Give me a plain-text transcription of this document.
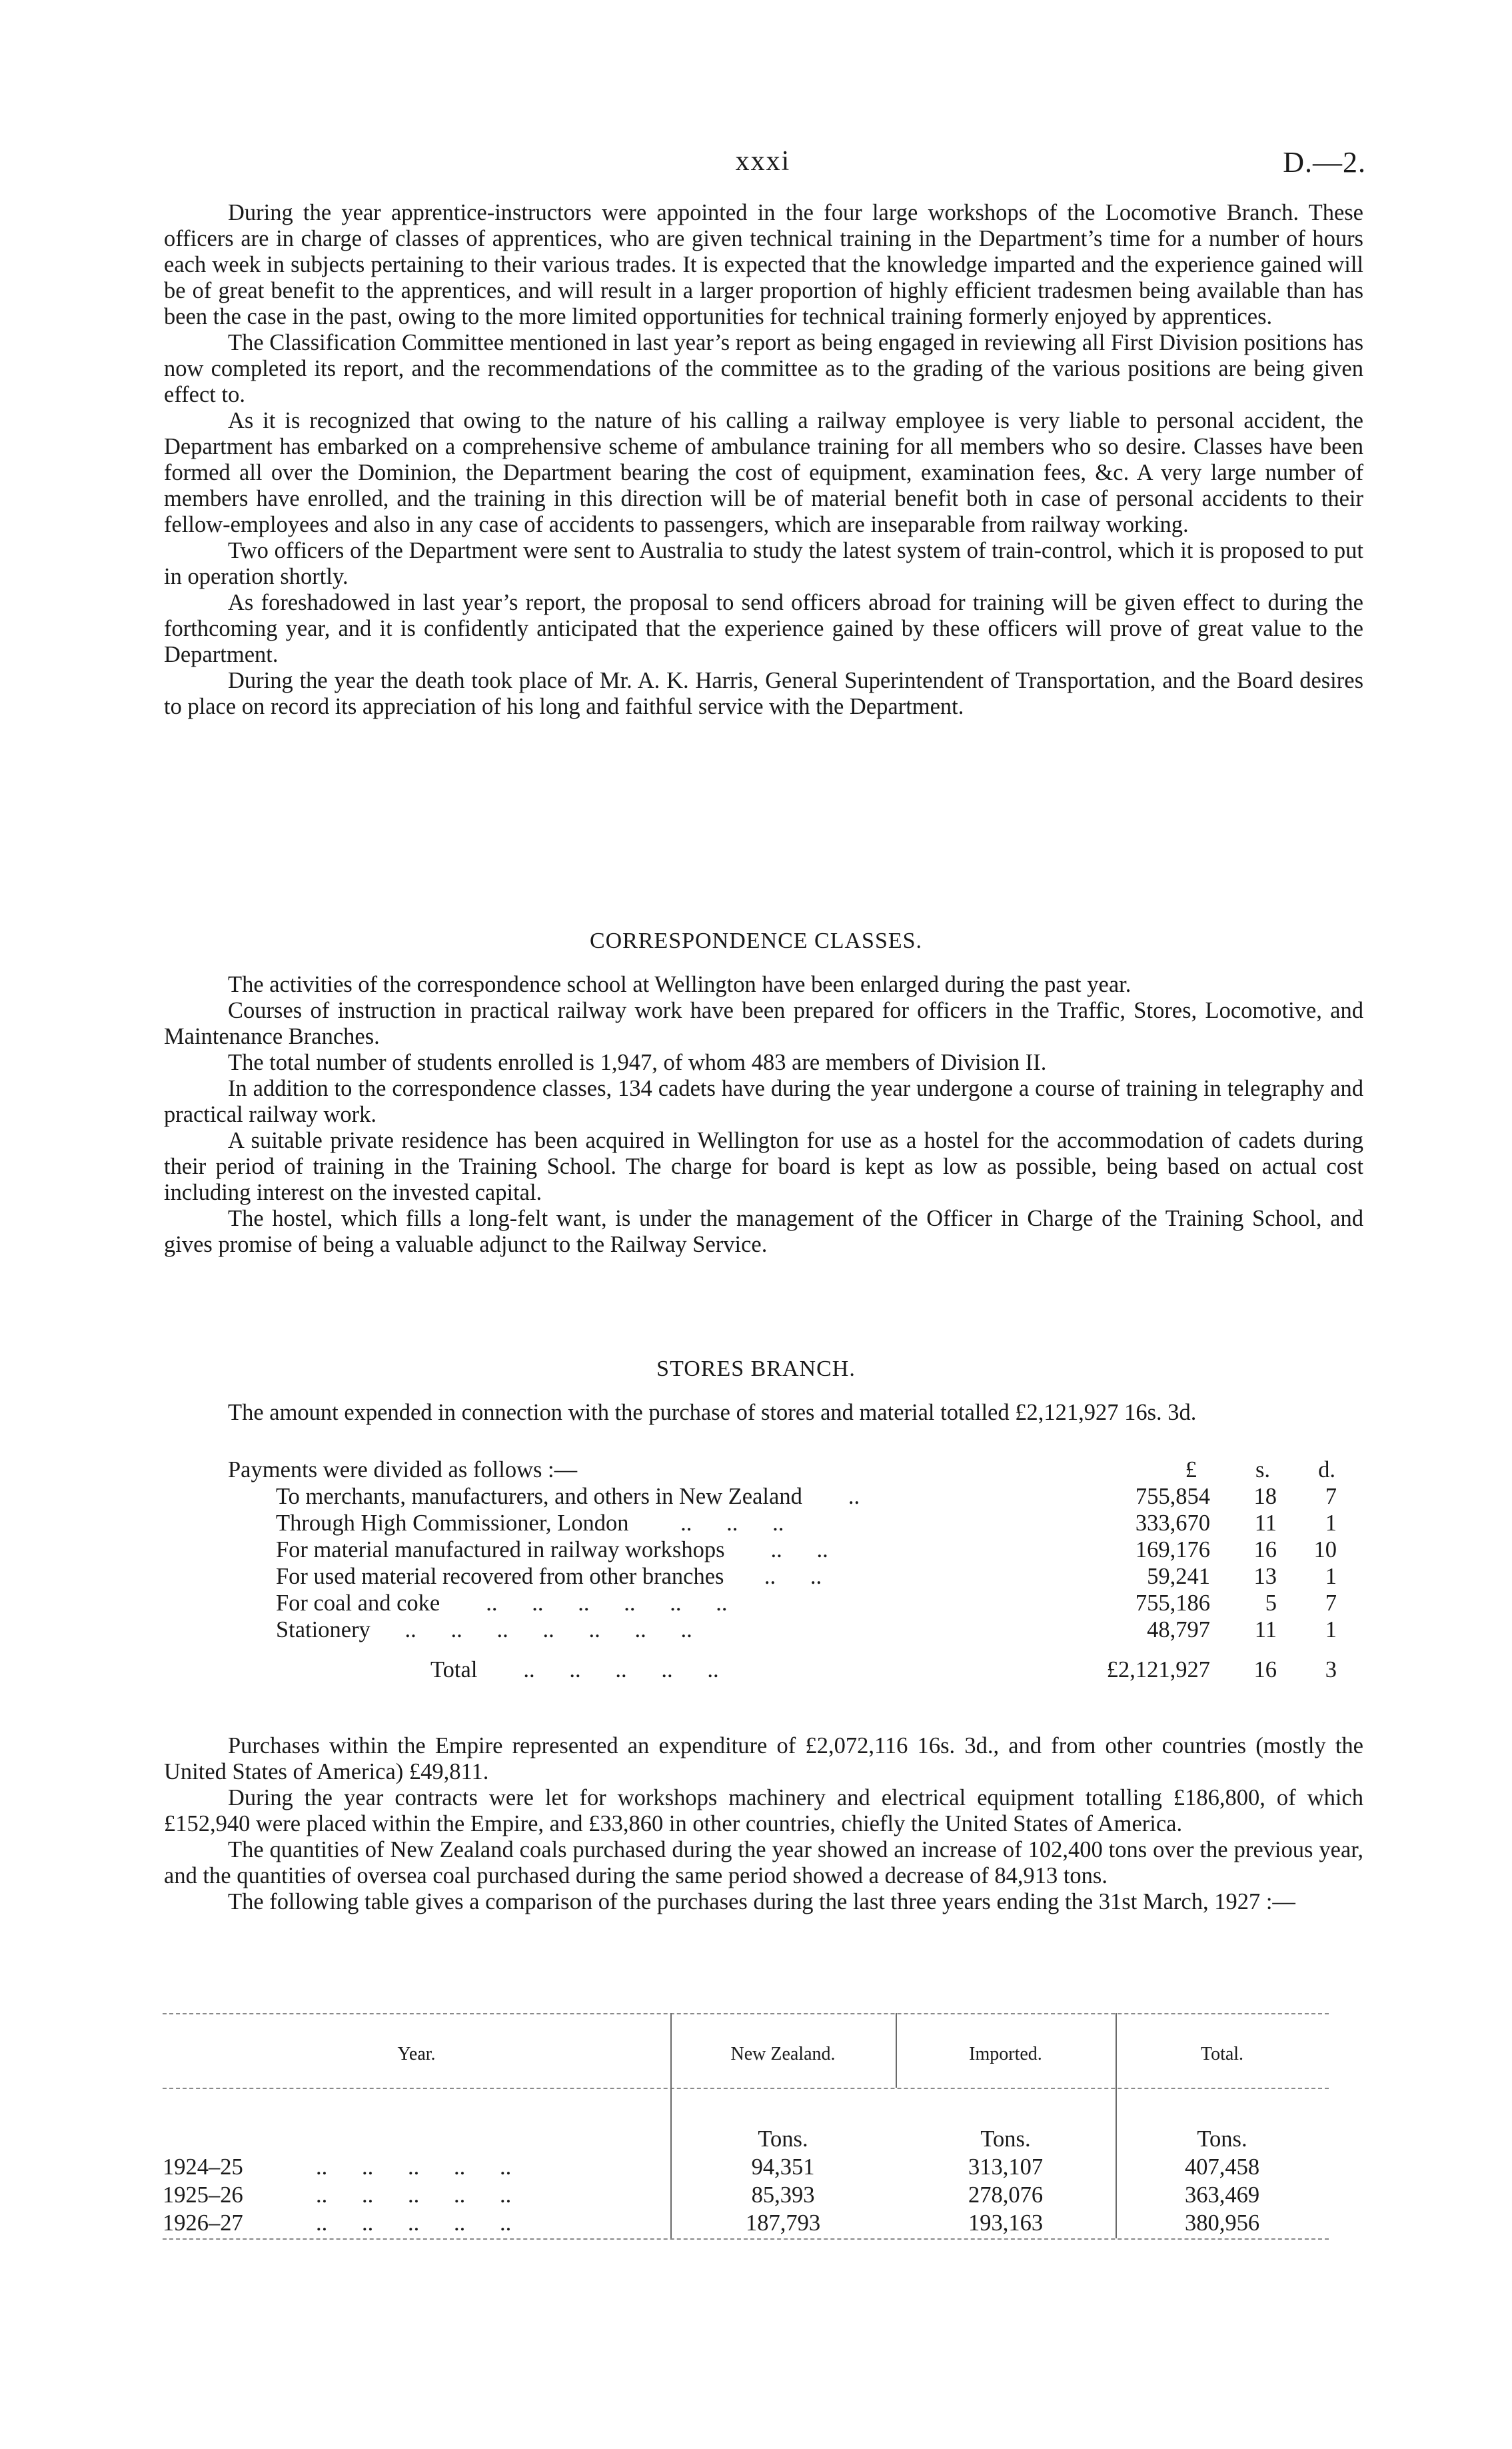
xxxi	D.—2.

During the year apprentice-instructors were appointed in the four large workshops of the Locomotive Branch. These officers are in charge of classes of apprentices, who are given technical training in the Department’s time for a number of hours each week in subjects pertaining to their various trades. It is expected that the knowledge imparted and the experience gained will be of great benefit to the apprentices, and will result in a larger proportion of highly efficient tradesmen being available than has been the case in the past, owing to the more limited opportunities for technical training formerly enjoyed by apprentices.

The Classification Committee mentioned in last year’s report as being engaged in reviewing all First Division positions has now completed its report, and the recommendations of the committee as to the grading of the various positions are being given effect to.

As it is recognized that owing to the nature of his calling a railway employee is very liable to personal accident, the Department has embarked on a comprehensive scheme of ambulance training for all members who so desire. Classes have been formed all over the Dominion, the Department bearing the cost of equipment, examination fees, &c. A very large number of members have enrolled, and the training in this direction will be of material benefit both in case of personal accidents to their fellow-employees and also in any case of accidents to passengers, which are inseparable from railway working.

Two officers of the Department were sent to Australia to study the latest system of train-control, which it is proposed to put in operation shortly.

As foreshadowed in last year’s report, the proposal to send officers abroad for training will be given effect to during the forthcoming year, and it is confidently anticipated that the experience gained by these officers will prove of great value to the Department.

During the year the death took place of Mr. A. K. Harris, General Superintendent of Transportation, and the Board desires to place on record its appreciation of his long and faithful service with the Department.

CORRESPONDENCE CLASSES.

The activities of the correspondence school at Wellington have been enlarged during the past year.

Courses of instruction in practical railway work have been prepared for officers in the Traffic, Stores, Locomotive, and Maintenance Branches.

The total number of students enrolled is 1,947, of whom 483 are members of Division II.

In addition to the correspondence classes, 134 cadets have during the year undergone a course of training in telegraphy and practical railway work.

A suitable private residence has been acquired in Wellington for use as a hostel for the accommodation of cadets during their period of training in the Training School. The charge for board is kept as low as possible, being based on actual cost including interest on the invested capital.

The hostel, which fills a long-felt want, is under the management of the Officer in Charge of the Training School, and gives promise of being a valuable adjunct to the Railway Service.

STORES BRANCH.

The amount expended in connection with the purchase of stores and material totalled £2,121,927 16s. 3d.

Payments were divided as follows :—	£	s. d.
To merchants, manufacturers, and others in New Zealand        ..	755,854	18	7
Through High Commissioner, London         ..      ..      ..	333,670	11	1
For material manufactured in railway workshops        ..      ..	169,176	16	10
For used material recovered from other branches       ..      ..	59,241	13	1
For coal and coke        ..      ..      ..      ..      ..      ..	755,186	5	7
Stationery      ..      ..      ..      ..      ..      ..      ..	48,797	11	1
Total        ..      ..      ..      ..      ..	£2,121,927	16	3

Purchases within the Empire represented an expenditure of £2,072,116 16s. 3d., and from other countries (mostly the United States of America) £49,811.

During the year contracts were let for workshops machinery and electrical equipment totalling £186,800, of which £152,940 were placed within the Empire, and £33,860 in other countries, chiefly the United States of America.

The quantities of New Zealand coals purchased during the year showed an increase of 102,400 tons over the previous year, and the quantities of oversea coal purchased during the same period showed a decrease of 84,913 tons.

The following table gives a comparison of the purchases during the last three years ending the 31st March, 1927 :—

Year.	New Zealand.	Imported.	Total.
Tons.	Tons.	Tons.
1924–25	..      ..      ..      ..      ..	94,351	313,107	407,458
1925–26	..      ..      ..      ..      ..	85,393	278,076	363,469
1926–27	..      ..      ..      ..      ..	187,793	193,163	380,956
